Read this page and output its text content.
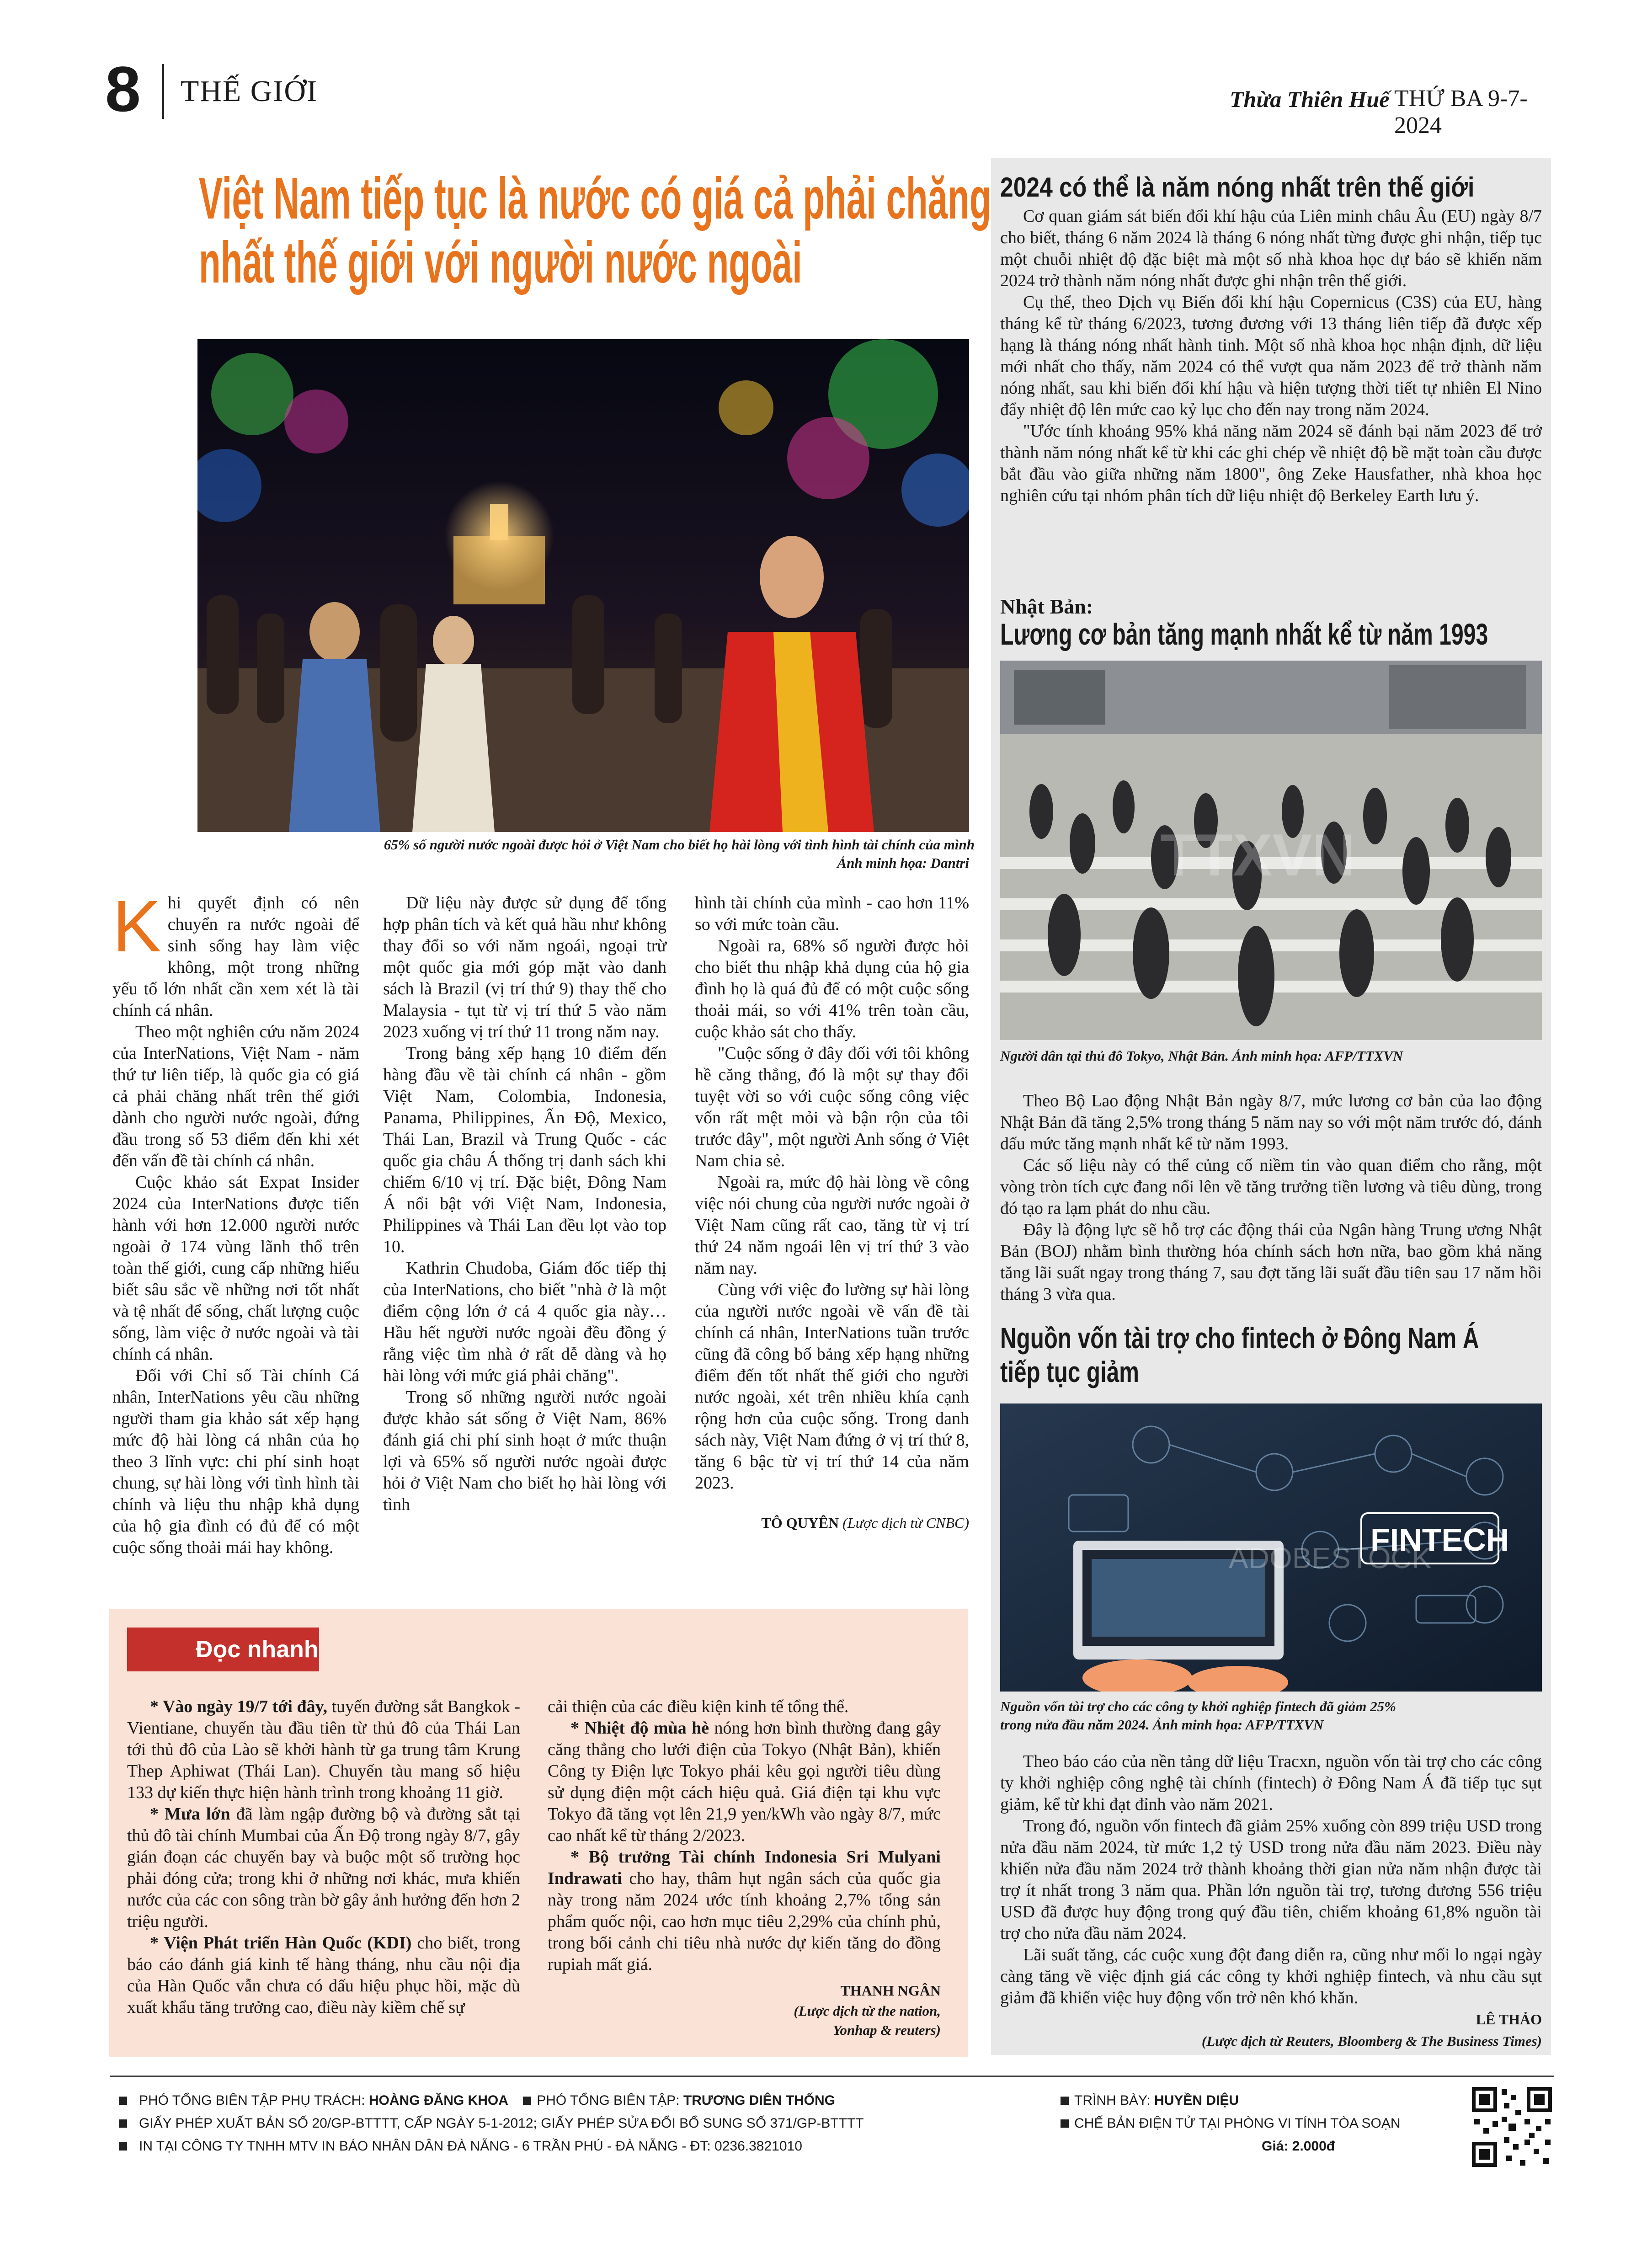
8 THẾ GIỚI	Thừa Thiên Huế THỨ BA 9-7-2024
Việt Nam tiếp tục là nước có giá cả phải chăng
nhất thế giới với người nước ngoài
65% số người nước ngoài được hỏi ở Việt Nam cho biết họ hài lòng với tình hình tài chính của mình
Ảnh minh họa: Dantri

Khi quyết định có nên chuyển ra nước ngoài để sinh sống hay làm việc không, một trong những yếu tố lớn nhất cần xem xét là tài chính cá nhân.

Theo một nghiên cứu năm 2024 của InterNations, Việt Nam - năm thứ tư liên tiếp, là quốc gia có giá cả phải chăng nhất trên thế giới dành cho người nước ngoài, đứng đầu trong số 53 điểm đến khi xét đến vấn đề tài chính cá nhân.

Cuộc khảo sát Expat Insider 2024 của InterNations được tiến hành với hơn 12.000 người nước ngoài ở 174 vùng lãnh thổ trên toàn thế giới, cung cấp những hiểu biết sâu sắc về những nơi tốt nhất và tệ nhất để sống, chất lượng cuộc sống, làm việc ở nước ngoài và tài chính cá nhân.

Đối với Chỉ số Tài chính Cá nhân, InterNations yêu cầu những người tham gia khảo sát xếp hạng mức độ hài lòng cá nhân của họ theo 3 lĩnh vực: chi phí sinh hoạt chung, sự hài lòng với tình hình tài chính và liệu thu nhập khả dụng của hộ gia đình có đủ để có một cuộc sống thoải mái hay không.

Dữ liệu này được sử dụng để tổng hợp phân tích và kết quả hầu như không thay đổi so với năm ngoái, ngoại trừ một quốc gia mới góp mặt vào danh sách là Brazil (vị trí thứ 9) thay thế cho Malaysia - tụt từ vị trí thứ 5 vào năm 2023 xuống vị trí thứ 11 trong năm nay.

Trong bảng xếp hạng 10 điểm đến hàng đầu về tài chính cá nhân - gồm Việt Nam, Colombia, Indonesia, Panama, Philippines, Ấn Độ, Mexico, Thái Lan, Brazil và Trung Quốc - các quốc gia châu Á thống trị danh sách khi chiếm 6/10 vị trí. Đặc biệt, Đông Nam Á nổi bật với Việt Nam, Indonesia, Philippines và Thái Lan đều lọt vào top 10.

Kathrin Chudoba, Giám đốc tiếp thị của InterNations, cho biết "nhà ở là một điểm cộng lớn ở cả 4 quốc gia này… Hầu hết người nước ngoài đều đồng ý rằng việc tìm nhà ở rất dễ dàng và họ hài lòng với mức giá phải chăng".

Trong số những người nước ngoài được khảo sát sống ở Việt Nam, 86% đánh giá chi phí sinh hoạt ở mức thuận lợi và 65% số người nước ngoài được hỏi ở Việt Nam cho biết họ hài lòng với tình

hình tài chính của mình - cao hơn 11% so với mức toàn cầu.

Ngoài ra, 68% số người được hỏi cho biết thu nhập khả dụng của hộ gia đình họ là quá đủ để có một cuộc sống thoải mái, so với 41% trên toàn cầu, cuộc khảo sát cho thấy.

"Cuộc sống ở đây đối với tôi không hề căng thẳng, đó là một sự thay đổi tuyệt vời so với cuộc sống công việc vốn rất mệt mỏi và bận rộn của tôi trước đây", một người Anh sống ở Việt Nam chia sẻ.

Ngoài ra, mức độ hài lòng về công việc nói chung của người nước ngoài ở Việt Nam cũng rất cao, tăng từ vị trí thứ 24 năm ngoái lên vị trí thứ 3 vào năm nay.

Cùng với việc đo lường sự hài lòng của người nước ngoài về vấn đề tài chính cá nhân, InterNations tuần trước cũng đã công bố bảng xếp hạng những điểm đến tốt nhất thế giới cho người nước ngoài, xét trên nhiều khía cạnh rộng hơn của cuộc sống. Trong danh sách này, Việt Nam đứng ở vị trí thứ 8, tăng 6 bậc từ vị trí thứ 14 của năm 2023.

TÔ QUYÊN (Lược dịch từ CNBC)

Đọc nhanh

* Vào ngày 19/7 tới đây, tuyến đường sắt Bangkok - Vientiane, chuyến tàu đầu tiên từ thủ đô của Thái Lan tới thủ đô của Lào sẽ khởi hành từ ga trung tâm Krung Thep Aphiwat (Thái Lan). Chuyến tàu mang số hiệu 133 dự kiến thực hiện hành trình trong khoảng 11 giờ.

* Mưa lớn đã làm ngập đường bộ và đường sắt tại thủ đô tài chính Mumbai của Ấn Độ trong ngày 8/7, gây gián đoạn các chuyến bay và buộc một số trường học phải đóng cửa; trong khi ở những nơi khác, mưa khiến nước của các con sông tràn bờ gây ảnh hưởng đến hơn 2 triệu người.

* Viện Phát triển Hàn Quốc (KDI) cho biết, trong báo cáo đánh giá kinh tế hàng tháng, nhu cầu nội địa của Hàn Quốc vẫn chưa có dấu hiệu phục hồi, mặc dù xuất khẩu tăng trưởng cao, điều này kiềm chế sự

cải thiện của các điều kiện kinh tế tổng thể.

* Nhiệt độ mùa hè nóng hơn bình thường đang gây căng thẳng cho lưới điện của Tokyo (Nhật Bản), khiến Công ty Điện lực Tokyo phải kêu gọi người tiêu dùng sử dụng điện một cách hiệu quả. Giá điện tại khu vực Tokyo đã tăng vọt lên 21,9 yen/kWh vào ngày 8/7, mức cao nhất kể từ tháng 2/2023.

* Bộ trưởng Tài chính Indonesia Sri Mulyani Indrawati cho hay, thâm hụt ngân sách của quốc gia này trong năm 2024 ước tính khoảng 2,7% tổng sản phẩm quốc nội, cao hơn mục tiêu 2,29% của chính phủ, trong bối cảnh chi tiêu nhà nước dự kiến tăng do đồng rupiah mất giá.

THANH NGÂN

(Lược dịch từ the nation,

Yonhap & reuters)

2024 có thể là năm nóng nhất trên thế giới

Cơ quan giám sát biến đổi khí hậu của Liên minh châu Âu (EU) ngày 8/7 cho biết, tháng 6 năm 2024 là tháng 6 nóng nhất từng được ghi nhận, tiếp tục một chuỗi nhiệt độ đặc biệt mà một số nhà khoa học dự báo sẽ khiến năm 2024 trở thành năm nóng nhất được ghi nhận trên thế giới.

Cụ thể, theo Dịch vụ Biến đổi khí hậu Copernicus (C3S) của EU, hàng tháng kể từ tháng 6/2023, tương đương với 13 tháng liên tiếp đã được xếp hạng là tháng nóng nhất hành tinh. Một số nhà khoa học nhận định, dữ liệu mới nhất cho thấy, năm 2024 có thể vượt qua năm 2023 để trở thành năm nóng nhất, sau khi biến đổi khí hậu và hiện tượng thời tiết tự nhiên El Nino đẩy nhiệt độ lên mức cao kỷ lục cho đến nay trong năm 2024.

"Ước tính khoảng 95% khả năng năm 2024 sẽ đánh bại năm 2023 để trở thành năm nóng nhất kể từ khi các ghi chép về nhiệt độ bề mặt toàn cầu được bắt đầu vào giữa những năm 1800", ông Zeke Hausfather, nhà khoa học nghiên cứu tại nhóm phân tích dữ liệu nhiệt độ Berkeley Earth lưu ý.

Nhật Bản:
Lương cơ bản tăng mạnh nhất kể từ năm 1993
TTXVN
Người dân tại thủ đô Tokyo, Nhật Bản. Ảnh minh họa: AFP/TTXVN

Theo Bộ Lao động Nhật Bản ngày 8/7, mức lương cơ bản của lao động Nhật Bản đã tăng 2,5% trong tháng 5 năm nay so với một năm trước đó, đánh dấu mức tăng mạnh nhất kể từ năm 1993.

Các số liệu này có thể củng cố niềm tin vào quan điểm cho rằng, một vòng tròn tích cực đang nổi lên về tăng trưởng tiền lương và tiêu dùng, trong đó tạo ra lạm phát do nhu cầu.

Đây là động lực sẽ hỗ trợ các động thái của Ngân hàng Trung ương Nhật Bản (BOJ) nhằm bình thường hóa chính sách hơn nữa, bao gồm khả năng tăng lãi suất ngay trong tháng 7, sau đợt tăng lãi suất đầu tiên sau 17 năm hồi tháng 3 vừa qua.

Nguồn vốn tài trợ cho fintech ở Đông Nam Á
tiếp tục giảm
FINTECH
ADOBESTOCK
Nguồn vốn tài trợ cho các công ty khởi nghiệp fintech đã giảm 25%
trong nửa đầu năm 2024. Ảnh minh họa: AFP/TTXVN

Theo báo cáo của nền tảng dữ liệu Tracxn, nguồn vốn tài trợ cho các công ty khởi nghiệp công nghệ tài chính (fintech) ở Đông Nam Á đã tiếp tục sụt giảm, kể từ khi đạt đỉnh vào năm 2021.

Trong đó, nguồn vốn fintech đã giảm 25% xuống còn 899 triệu USD trong nửa đầu năm 2024, từ mức 1,2 tỷ USD trong nửa đầu năm 2023. Điều này khiến nửa đầu năm 2024 trở thành khoảng thời gian nửa năm nhận được tài trợ ít nhất trong 3 năm qua. Phần lớn nguồn tài trợ, tương đương 556 triệu USD đã được huy động trong quý đầu tiên, chiếm khoảng 61,8% nguồn tài trợ cho nửa đầu năm 2024.

Lãi suất tăng, các cuộc xung đột đang diễn ra, cũng như mối lo ngại ngày càng tăng về việc định giá các công ty khởi nghiệp fintech, và nhu cầu sụt giảm đã khiến việc huy động vốn trở nên khó khăn.

LÊ THẢO

(Lược dịch từ Reuters, Bloomberg & The Business Times)

PHÓ TỔNG BIÊN TẬP PHỤ TRÁCH: HOÀNG ĐĂNG KHOA PHÓ TỔNG BIÊN TẬP: TRƯƠNG DIÊN THỐNG	TRÌNH BÀY: HUYỀN DIỆU
GIẤY PHÉP XUẤT BẢN SỐ 20/GP-BTTTT, CẤP NGÀY 5-1-2012; GIẤY PHÉP SỬA ĐỔI BỔ SUNG SỐ 371/GP-BTTTT	CHẾ BẢN ĐIỆN TỬ TẠI PHÒNG VI TÍNH TÒA SOẠN
IN TẠI CÔNG TY TNHH MTV IN BÁO NHÂN DÂN ĐÀ NẴNG - 6 TRẦN PHÚ - ĐÀ NẴNG - ĐT: 0236.3821010	Giá: 2.000đ
